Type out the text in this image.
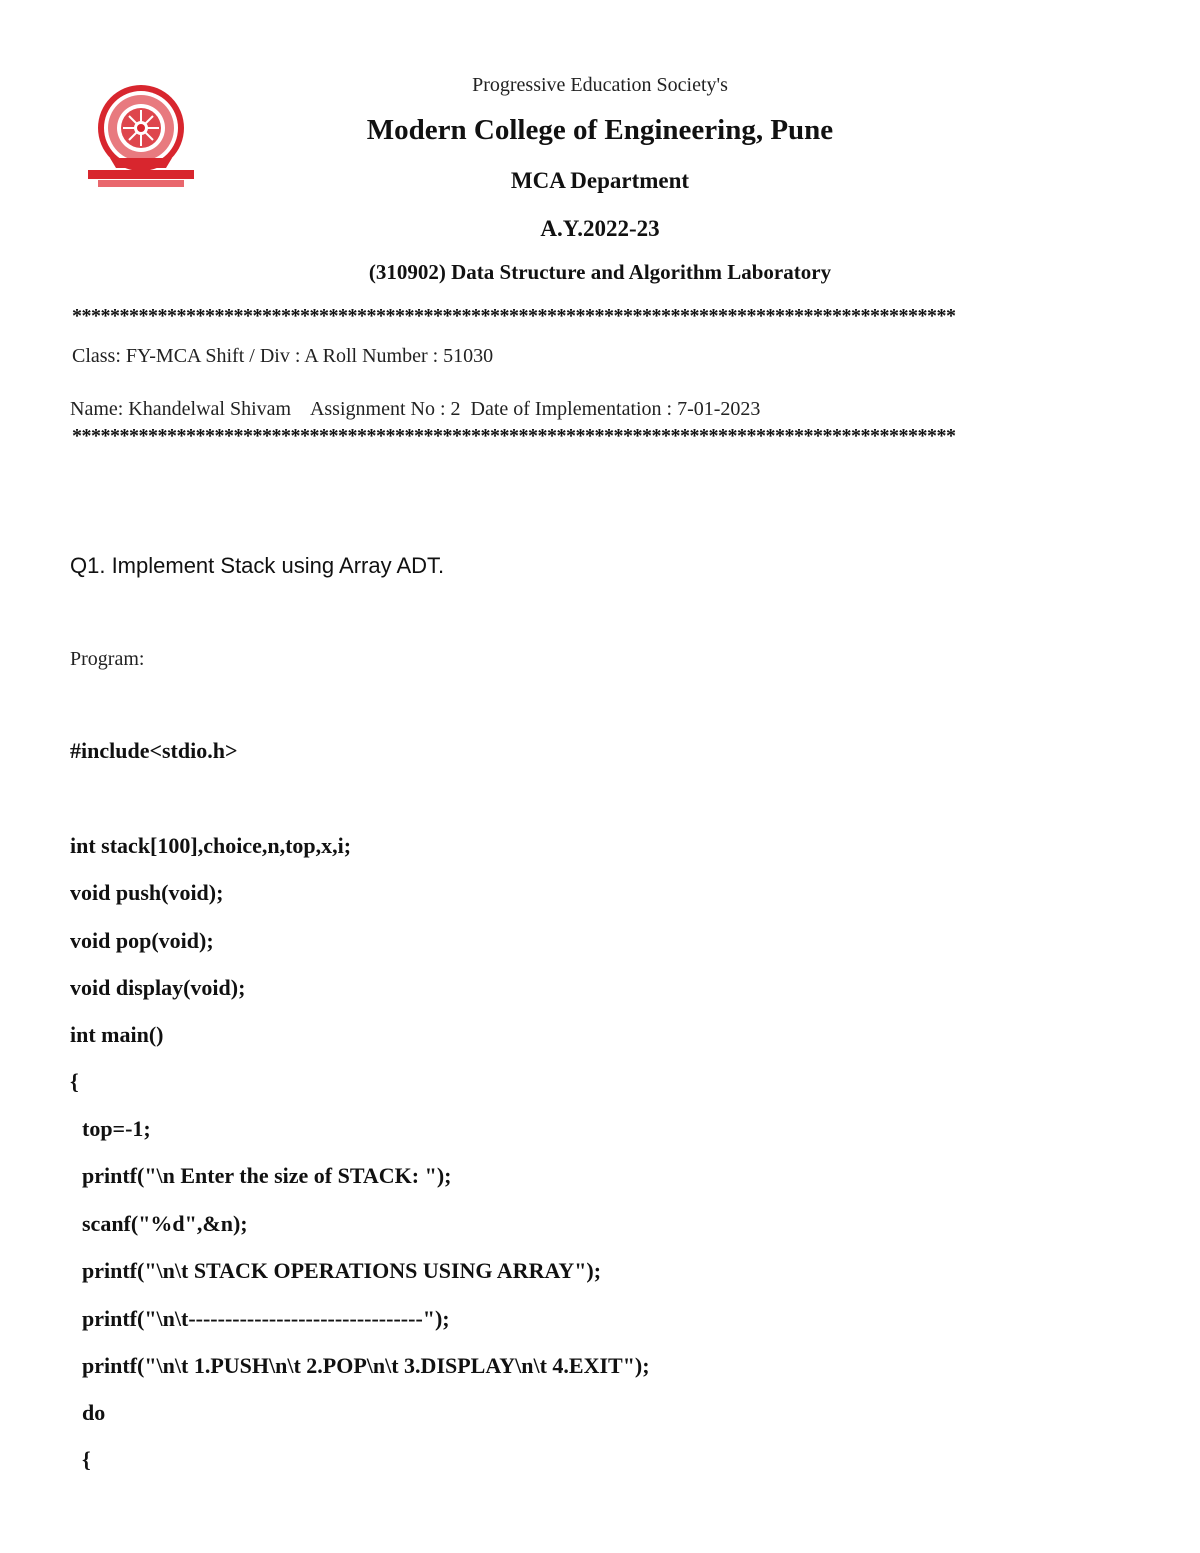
Progressive Education Society's
Modern College of Engineering, Pune
MCA Department
A.Y.2022-23
(310902) Data Structure and Algorithm Laboratory
*********************************************************************************************
Class: FY-MCA Shift / Div : A Roll Number : 51030
Name: Khandelwal Shivam    Assignment No : 2  Date of Implementation : 7-01-2023
*********************************************************************************************
Q1. Implement Stack using Array ADT.
Program:
#include<stdio.h>
int stack[100],choice,n,top,x,i;
void push(void);
void pop(void);
void display(void);
int main()
{
top=-1;
printf("\n Enter the size of STACK: ");
scanf("%d",&n);
printf("\n\t STACK OPERATIONS USING ARRAY");
printf("\n\t--------------------------------");
printf("\n\t 1.PUSH\n\t 2.POP\n\t 3.DISPLAY\n\t 4.EXIT");
do
{
